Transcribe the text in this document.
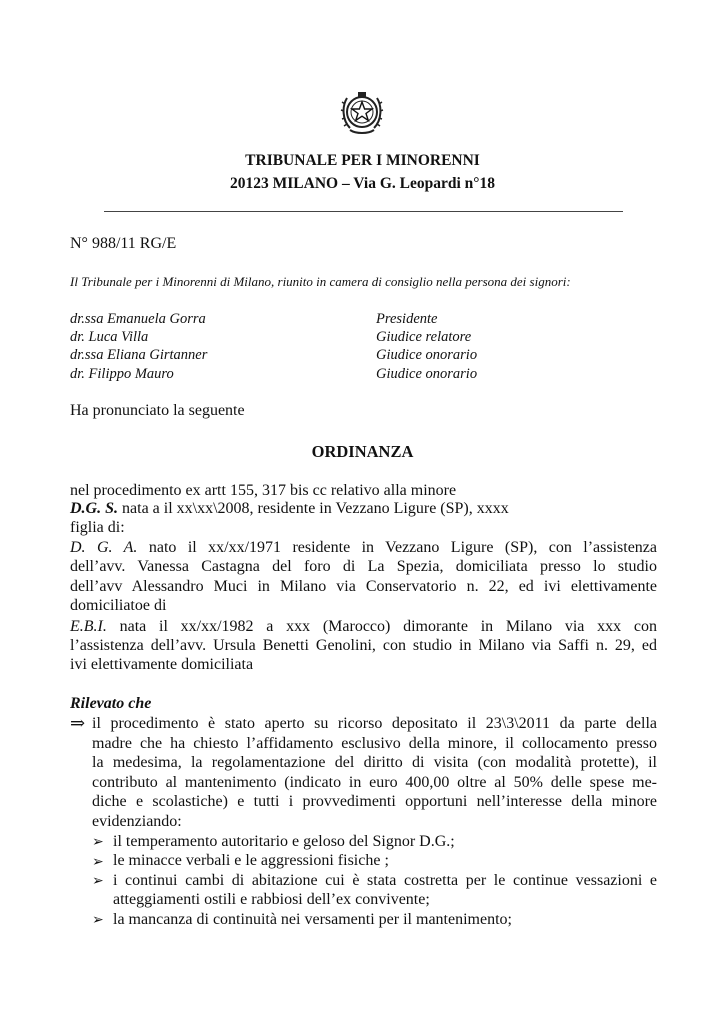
TRIBUNALE PER I MINORENNI
20123 MILANO – Via G. Leopardi n°18
N° 988/11 RG/E
Il Tribunale per i Minorenni di Milano, riunito in camera di consiglio nella persona dei signori:
dr.ssa Emanuela Gorra	Presidente
dr. Luca Villa	Giudice relatore
dr.ssa Eliana Girtanner	Giudice onorario
dr. Filippo Mauro	Giudice onorario
Ha pronunciato la seguente
ORDINANZA
nel procedimento ex artt 155, 317 bis cc relativo alla minore
D.G. S. nata a il xx\xx\2008, residente in Vezzano Ligure (SP), xxxx
figlia di:
D. G. A. nato il xx/xx/1971 residente in Vezzano Ligure (SP), con l’assistenza
dell’avv. Vanessa Castagna del foro di La Spezia, domiciliata presso lo studio
dell’avv Alessandro Muci in Milano via Conservatorio n. 22, ed ivi elettivamente
domiciliatoe di
E.B.I. nata il xx/xx/1982 a xxx (Marocco) dimorante in Milano via xxx con
l’assistenza dell’avv. Ursula Benetti Genolini, con studio in Milano via Saffi n. 29, ed
ivi elettivamente domiciliata
Rilevato che
⇒ il procedimento è stato aperto su ricorso depositato il 23\3\2011 da parte della
madre che ha chiesto l’affidamento esclusivo della minore, il collocamento presso
la medesima, la regolamentazione del diritto di visita (con modalità protette), il
contributo al mantenimento (indicato in euro 400,00 oltre al 50% delle spese me-
diche e scolastiche) e tutti i provvedimenti opportuni nell’interesse della minore
evidenziando:
➢ il temperamento autoritario e geloso del Signor D.G.;
➢ le minacce verbali e le aggressioni fisiche ;
➢ i continui cambi di abitazione cui è stata costretta per le continue vessazioni e
atteggiamenti ostili e rabbiosi dell’ex convivente;
➢ la mancanza di continuità nei versamenti per il mantenimento;
